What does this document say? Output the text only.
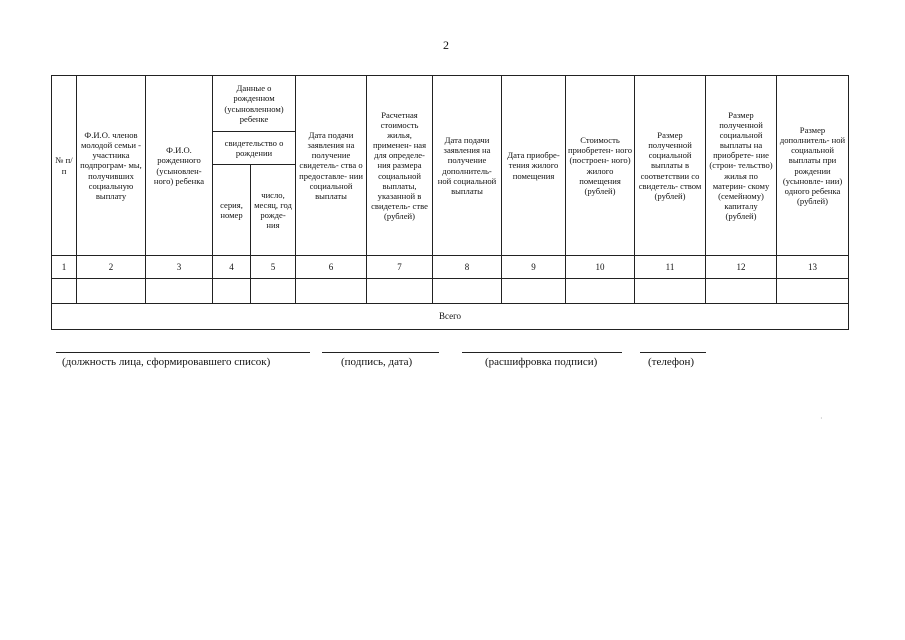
2
№ п/п	Ф.И.О. членов молодой семьи - участника подпрограм- мы, получивших социальную выплату	Ф.И.О. рожденного (усыновлен- ного) ребенка	Данные о рожденном (усыновленном) ребенке		Дата подачи заявления на получение свидетель- ства о предоставле- нии социальной выплаты	Расчетная стоимость жилья, применен- ная для определе- ния размера социальной выплаты, указанной в свидетель- стве (рублей)	Дата подачи заявления на получение дополнитель- ной социальной выплаты	Дата приобре- тения жилого помещения	Стоимость приобретен- ного (построен- ного) жилого помещения (рублей)	Размер полученной социальной выплаты в соответствии со свидетель- ством (рублей)	Размер полученной социальной выплаты на приобрете- ние (строи- тельство) жилья по материн- скому (семейному) капиталу (рублей)	Размер дополнитель- ной социальной выплаты при рождении (усыновле- нии) одного ребенка (рублей)
			свидетельство о рождении									
			серия, номер	число, месяц, год рожде- ния								
1	2	3	4	5	6	7	8	9	10	11	12	13

Всего												
(должность лица, сформировавшего список)	(подпись, дата)	(расшифровка подписи)	(телефон)
·
